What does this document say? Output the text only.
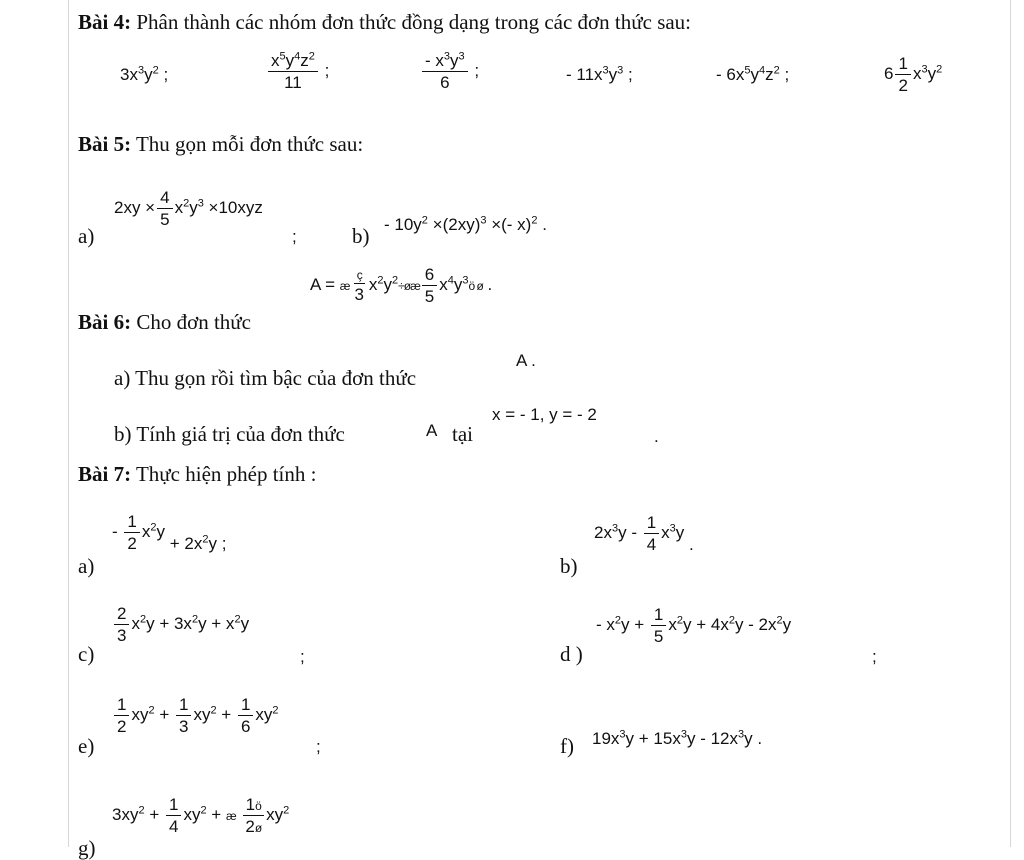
Bài 4: Phân thành các nhóm đơn thức đồng dạng trong các đơn thức sau:
$3x^3y^2$ ;	$\frac{x^5y^4z^2}{11}$ ;	$\frac{- x^3y^3}{6}$ ;	- $11x^3y^3$ ;	- $6x^5y^4z^2$ ;	$6 \frac{1}{2} x^3y^2$
Bài 5: Thu gọn mỗi đơn thức sau:
a)
$2xy \times \frac{4}{5} x^2y^3 \times 10xyz$
;	$b) - 10y^2 \times(2xy)^3$ ×(- x)$^2$ .
Bài 6: Cho đơn thức
A = æ $\frac{ç}{3}$ $x^2y^2\div øæ \frac{6}{5}$ $x^4y^3ö$ ø .
a) Thu gọn rồi tìm bậc của đơn thức
A .
b) Tính giá trị của đơn thức	A tại
x = - 1, y = - 2
.
Bài 7: Thực hiện phép tính :
a)
- $\frac{1}{2} x^2y + 2x^2y$ ;
b)
$2x^3y - \frac{1}{4} x^3y$ .
c)
$\frac{2}{3} x^2y + 3x^2y + x^2y$
;	d )
- $x^2y + \frac{1}{5} x^2y + 4x^2y - 2x^2y$
;
e)
$\frac{1}{2} xy^2 + \frac{1}{3} xy^2 + \frac{1}{6} xy^2$
;	f) $19x^3y + 15x^3y - 12x^3y$ .
g)
$3xy^2 + \frac{1}{4} xy^2$ + æ $\frac{1ö}{2ø} xy^2$
